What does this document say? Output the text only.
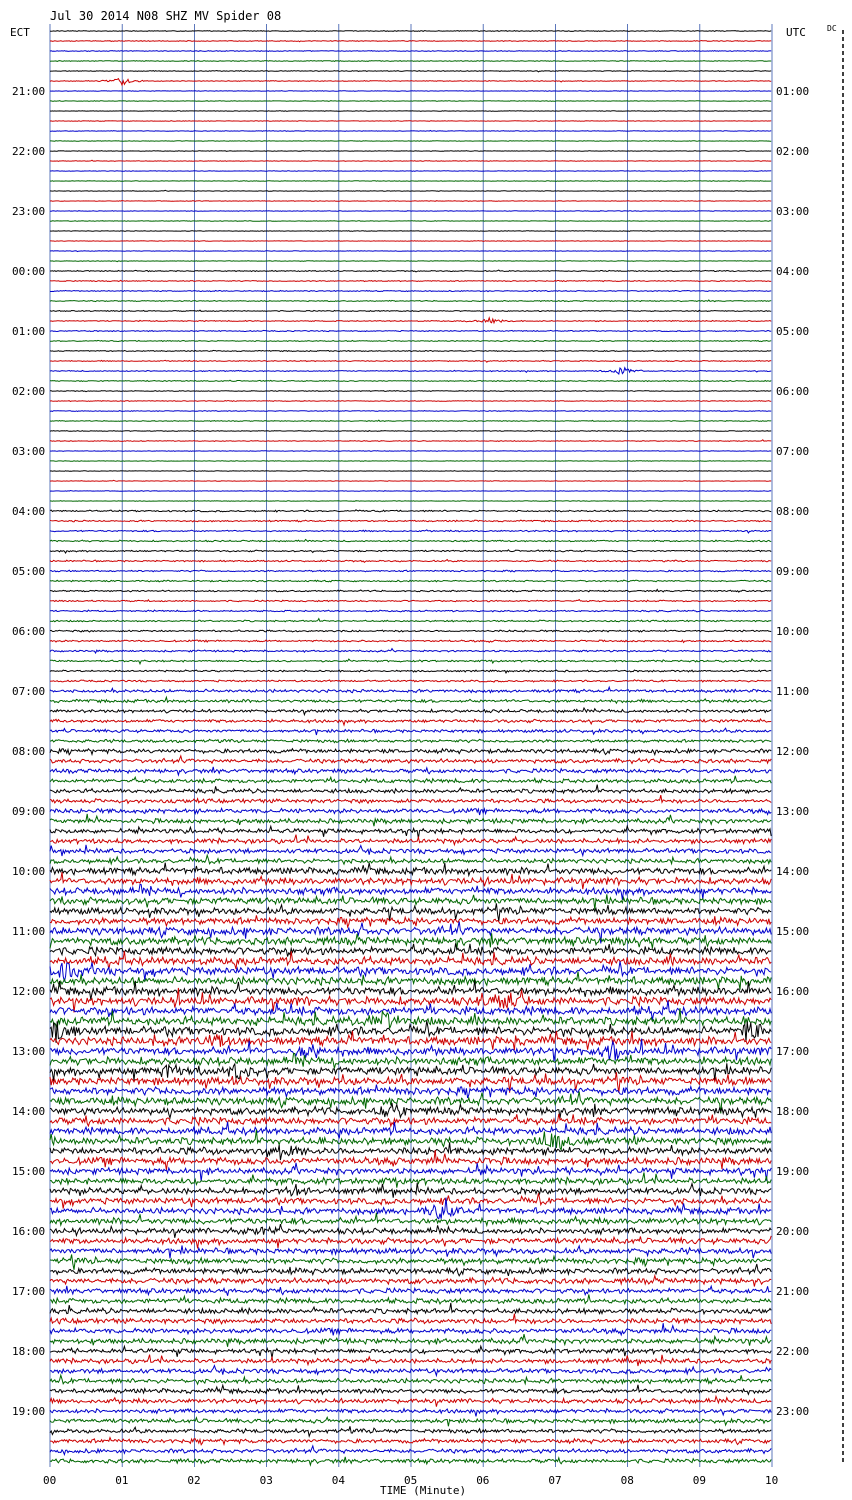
Jul 30 2014 N08 SHZ MV Spider 08
ECT	UTC	DC
21:00
22:00
23:00
00:00
01:00
02:00
03:00
04:00
05:00
06:00
07:00
08:00
09:00
10:00
11:00
12:00
13:00
14:00
15:00
16:00
17:00
18:00
19:00
01:00
02:00
03:00
04:00
05:00
06:00
07:00
08:00
09:00
10:00
11:00
12:00
13:00
14:00
15:00
16:00
17:00
18:00
19:00
20:00
21:00
22:00
23:00
00	01	02	03	04	05	06	07	08	09	10
TIME (Minute)
